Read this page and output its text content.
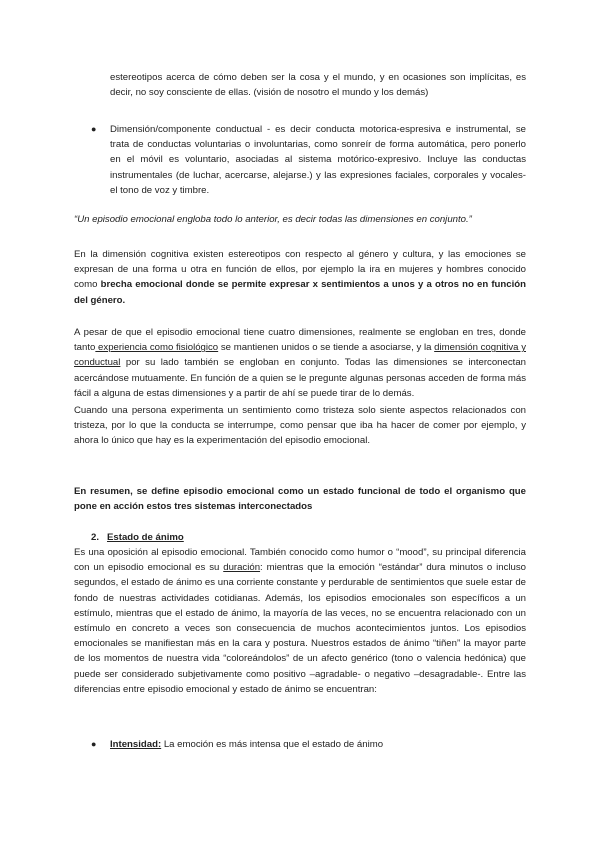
estereotipos acerca de cómo deben ser la cosa y el mundo, y en ocasiones son implícitas, es decir, no soy consciente de ellas. (visión de nosotro el mundo y los demás)

● Dimensión/componente conductual - es decir conducta motorica-espresiva e instrumental, se trata de conductas voluntarias o involuntarias, como sonreír de forma automática, pero ponerlo en el móvil es voluntario, asociadas al sistema motórico-expresivo. Incluye las conductas instrumentales (de luchar, acercarse, alejarse.) y las expresiones faciales, corporales y vocales- el tono de voz y timbre.

“Un episodio emocional engloba todo lo anterior, es decir todas las dimensiones en conjunto.”

En la dimensión cognitiva existen estereotipos con respecto al género y cultura, y las emociones se expresan de una forma u otra en función de ellos, por ejemplo la ira en mujeres y hombres conocido como brecha emocional donde se permite expresar x sentimientos a unos y a otros no en función del género.

A pesar de que el episodio emocional tiene cuatro dimensiones, realmente se engloban en tres, donde tanto experiencia como fisiológico se mantienen unidos o se tiende a asociarse, y la dimensión cognitiva y conductual por su lado también se engloban en conjunto. Todas las dimensiones se interconectan acercándose mutuamente. En función de a quien se le pregunte algunas personas acceden de forma más fácil a alguna de estas dimensiones y a partir de ahí se puede tirar de lo demás.

Cuando una persona experimenta un sentimiento como tristeza solo siente aspectos relacionados con tristeza, por lo que la conducta se interrumpe, como pensar que iba ha hacer de comer por ejemplo, y ahora lo único que hay es la experimentación del episodio emocional.

En resumen, se define episodio emocional como un estado funcional de todo el organismo que pone en acción estos tres sistemas interconectados

2. Estado de ánimo

Es una oposición al episodio emocional. También conocido como humor o “mood”, su principal diferencia con un episodio emocional es su duración: mientras que la emoción “estándar” dura minutos o incluso segundos, el estado de ánimo es una corriente constante y perdurable de sentimientos que suele estar de fondo de nuestras actividades cotidianas. Además, los episodios emocionales son específicos a un estímulo, mientras que el estado de ánimo, la mayoría de las veces, no se encuentra relacionado con un estímulo en concreto a veces son consecuencia de muchos acontecimientos juntos. Los episodios emocionales se manifiestan más en la cara y postura. Nuestros estados de ánimo “tiñen” la mayor parte de los momentos de nuestra vida “coloreándolos” de un afecto genérico (tono o valencia hedónica) que puede ser considerado subjetivamente como positivo –agradable- o negativo –desagradable-. Entre las diferencias entre episodio emocional y estado de ánimo se encuentran:

● Intensidad: La emoción es más intensa que el estado de ánimo
